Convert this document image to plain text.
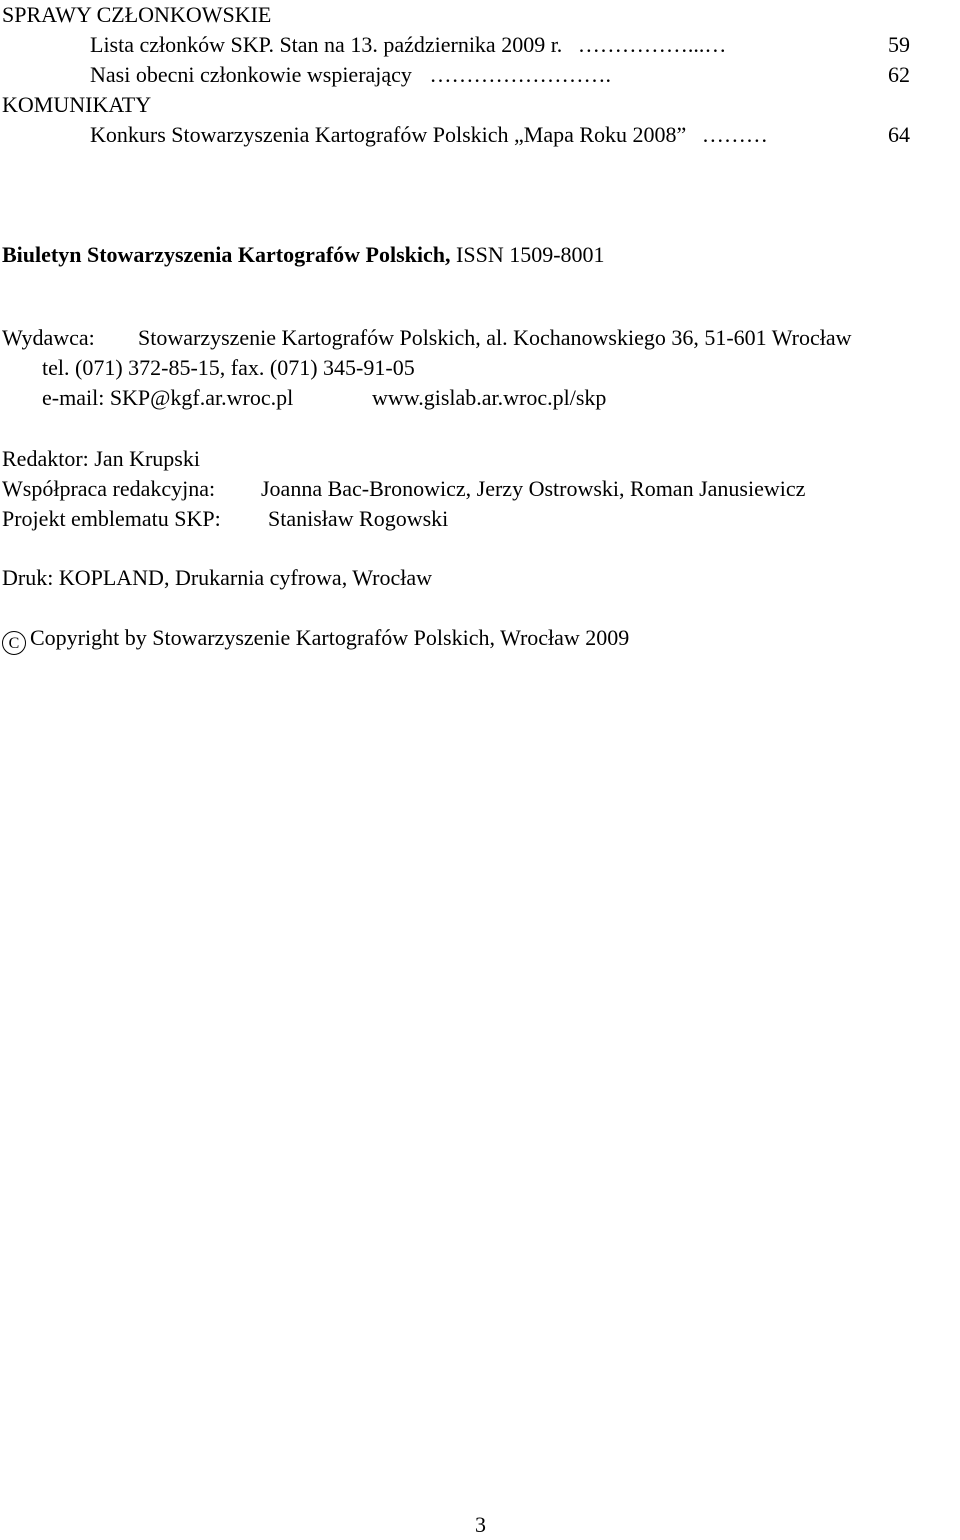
SPRAWY CZŁONKOWSKIE
Lista członków SKP. Stan na 13. października 2009 r. ……………...…	59
Nasi obecni członkowie wspierający …………………….	62
KOMUNIKATY
Konkurs Stowarzyszenia Kartografów Polskich „Mapa Roku 2008” ………	64
Biuletyn Stowarzyszenia Kartografów Polskich, ISSN 1509-8001
Wydawca: Stowarzyszenie Kartografów Polskich, al. Kochanowskiego 36, 51-601 Wrocław
tel. (071) 372-85-15, fax. (071) 345-91-05
e-mail: SKP@kgf.ar.wroc.pl	www.gislab.ar.wroc.pl/skp
Redaktor: Jan Krupski
Współpraca redakcyjna: Joanna Bac-Bronowicz, Jerzy Ostrowski, Roman Janusiewicz
Projekt emblematu SKP: Stanisław Rogowski
Druk: KOPLAND, Drukarnia cyfrowa, Wrocław
C Copyright by Stowarzyszenie Kartografów Polskich, Wrocław 2009
3
